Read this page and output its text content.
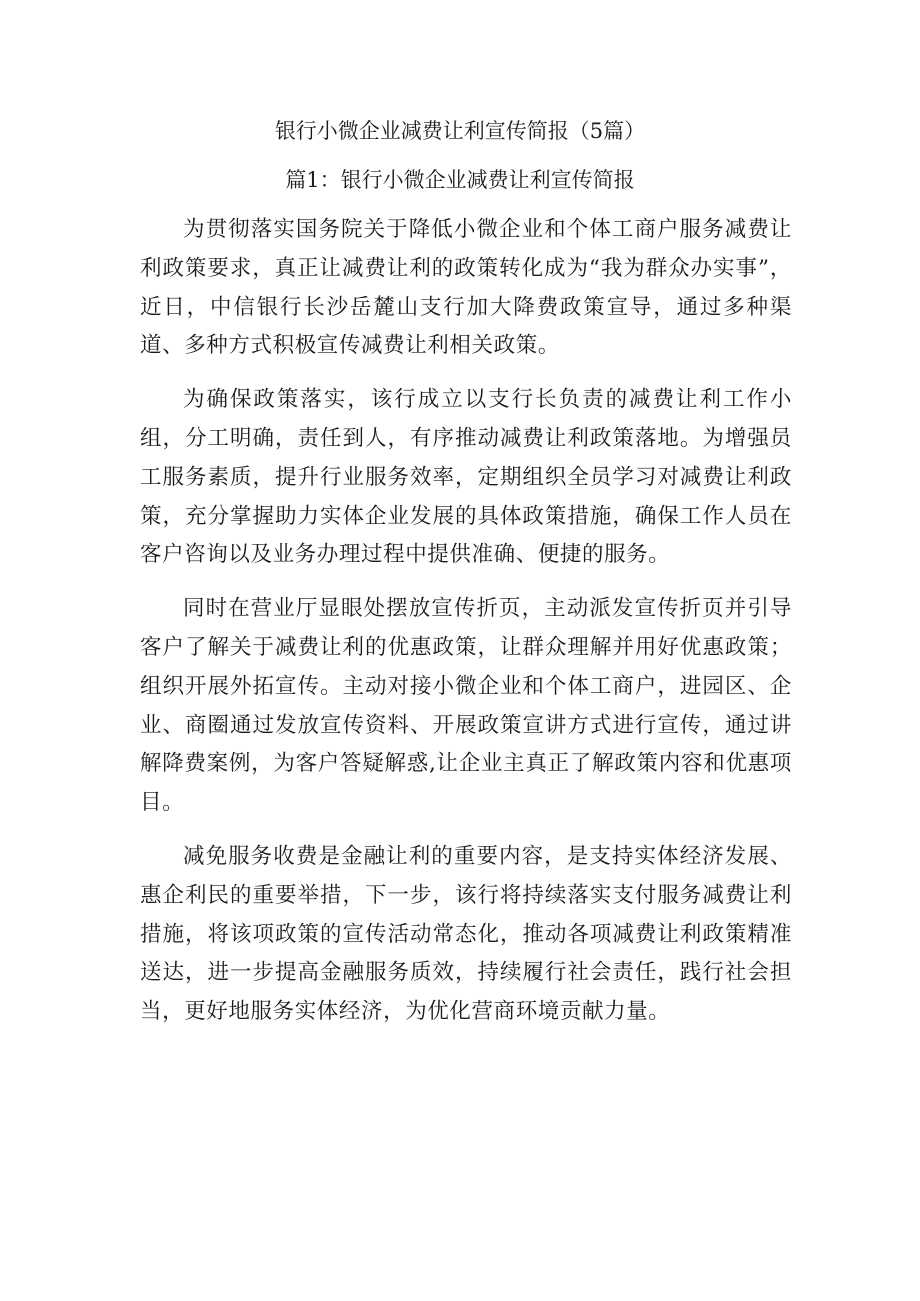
银行小微企业减费让利宣传简报（5篇）
篇1：银行小微企业减费让利宣传简报

为贯彻落实国务院关于降低小微企业和个体工商户服务减费让利政策要求，真正让减费让利的政策转化成为“我为群众办实事”，近日，中信银行长沙岳麓山支行加大降费政策宣导，通过多种渠道、多种方式积极宣传减费让利相关政策。

为确保政策落实，该行成立以支行长负责的减费让利工作小组，分工明确，责任到人，有序推动减费让利政策落地。为增强员工服务素质，提升行业服务效率，定期组织全员学习对减费让利政策，充分掌握助力实体企业发展的具体政策措施，确保工作人员在客户咨询以及业务办理过程中提供准确、便捷的服务。

同时在营业厅显眼处摆放宣传折页，主动派发宣传折页并引导客户了解关于减费让利的优惠政策，让群众理解并用好优惠政策；组织开展外拓宣传。主动对接小微企业和个体工商户，进园区、企业、商圈通过发放宣传资料、开展政策宣讲方式进行宣传，通过讲解降费案例，为客户答疑解惑,让企业主真正了解政策内容和优惠项目。

减免服务收费是金融让利的重要内容，是支持实体经济发展、惠企利民的重要举措，下一步，该行将持续落实支付服务减费让利措施，将该项政策的宣传活动常态化，推动各项减费让利政策精准送达，进一步提高金融服务质效，持续履行社会责任，践行社会担当，更好地服务实体经济，为优化营商环境贡献力量。
